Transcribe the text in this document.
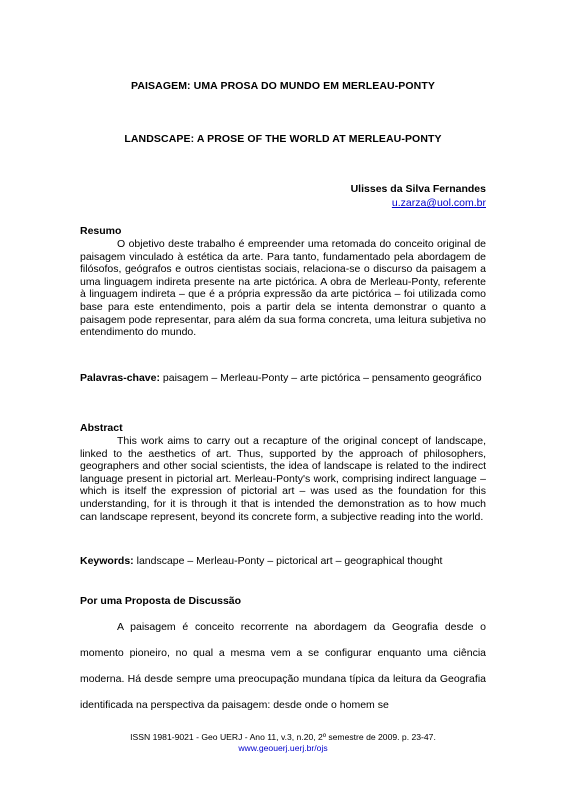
PAISAGEM: UMA PROSA DO MUNDO EM MERLEAU-PONTY
LANDSCAPE: A PROSE OF THE WORLD AT MERLEAU-PONTY
Ulisses da Silva Fernandes
u.zarza@uol.com.br
Resumo

O objetivo deste trabalho é empreender uma retomada do conceito original de paisagem vinculado à estética da arte. Para tanto, fundamentado pela abordagem de filósofos, geógrafos e outros cientistas sociais, relaciona-se o discurso da paisagem a uma linguagem indireta presente na arte pictórica. A obra de Merleau-Ponty, referente à linguagem indireta – que é a própria expressão da arte pictórica – foi utilizada como base para este entendimento, pois a partir dela se intenta demonstrar o quanto a paisagem pode representar, para além da sua forma concreta, uma leitura subjetiva no entendimento do mundo.

Palavras-chave: paisagem – Merleau-Ponty – arte pictórica – pensamento geográfico

Abstract

This work aims to carry out a recapture of the original concept of landscape, linked to the aesthetics of art. Thus, supported by the approach of philosophers, geographers and other social scientists, the idea of landscape is related to the indirect language present in pictorial art. Merleau-Ponty's work, comprising indirect language – which is itself the expression of pictorial art – was used as the foundation for this understanding, for it is through it that is intended the demonstration as to how much can landscape represent, beyond its concrete form, a subjective reading into the world.

Keywords: landscape – Merleau-Ponty – pictorical art – geographical thought

Por uma Proposta de Discussão

A paisagem é conceito recorrente na abordagem da Geografia desde o momento pioneiro, no qual a mesma vem a se configurar enquanto uma ciência moderna. Há desde sempre uma preocupação mundana típica da leitura da Geografia identificada na perspectiva da paisagem: desde onde o homem se

ISSN 1981-9021 - Geo UERJ - Ano 11, v.3, n.20, 2º semestre de 2009. p. 23-47.
www.geouerj.uerj.br/ojs
